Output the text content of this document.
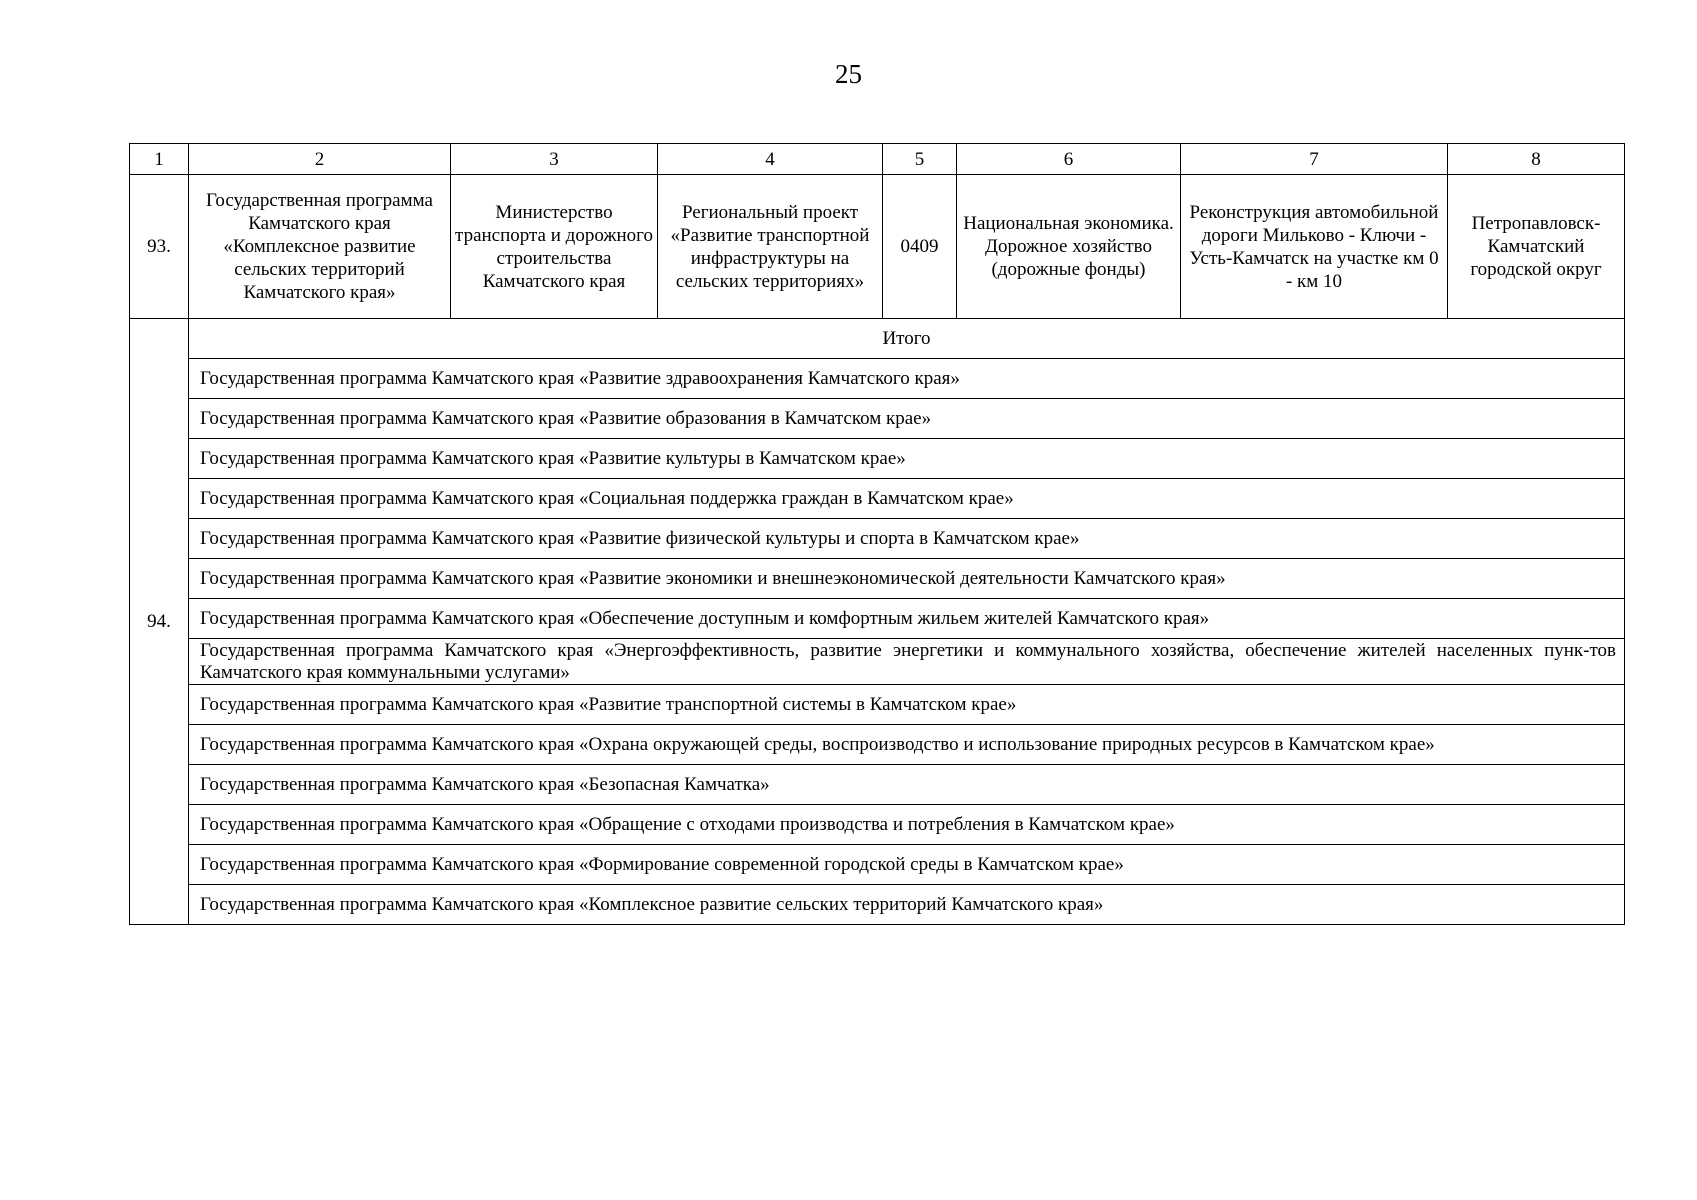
25
1	2	3	4	5	6	7	8
93.	Государственная программа Камчатского края «Комплексное развитие сельских территорий Камчатского края»	Министерство транспорта и дорожного строительства Камчатского края	Региональный проект «Развитие транспортной инфраструктуры на сельских территориях»	0409	Национальная экономика. Дорожное хозяйство (дорожные фонды)	Реконструкция автомобильной дороги Мильково - Ключи - Усть-Камчатск на участке км 0 - км 10	Петропавловск-Камчатский городской округ
94.	Итого						
	Государственная программа Камчатского края «Развитие здравоохранения Камчатского края»						
	Государственная программа Камчатского края «Развитие образования в Камчатском крае»						
	Государственная программа Камчатского края «Развитие культуры в Камчатском крае»						
	Государственная программа Камчатского края «Социальная поддержка граждан в Камчатском крае»						
	Государственная программа Камчатского края «Развитие физической культуры и спорта в Камчатском крае»						
	Государственная программа Камчатского края «Развитие экономики и внешнеэкономической деятельности Камчатского края»						
	Государственная программа Камчатского края «Обеспечение доступным и комфортным жильем жителей Камчатского края»						
	Государственная программа Камчатского края «Энергоэффективность, развитие энергетики и коммунального хозяйства, обеспечение жителей населенных пунк-тов Камчатского края коммунальными услугами»						
	Государственная программа Камчатского края «Развитие транспортной системы в Камчатском крае»						
	Государственная программа Камчатского края «Охрана окружающей среды, воспроизводство и использование природных ресурсов в Камчатском крае»						
	Государственная программа Камчатского края «Безопасная Камчатка»						
	Государственная программа Камчатского края «Обращение с отходами производства и потребления в Камчатском крае»						
	Государственная программа Камчатского края «Формирование современной городской среды в Камчатском крае»						
	Государственная программа Камчатского края «Комплексное развитие сельских территорий Камчатского края»						
